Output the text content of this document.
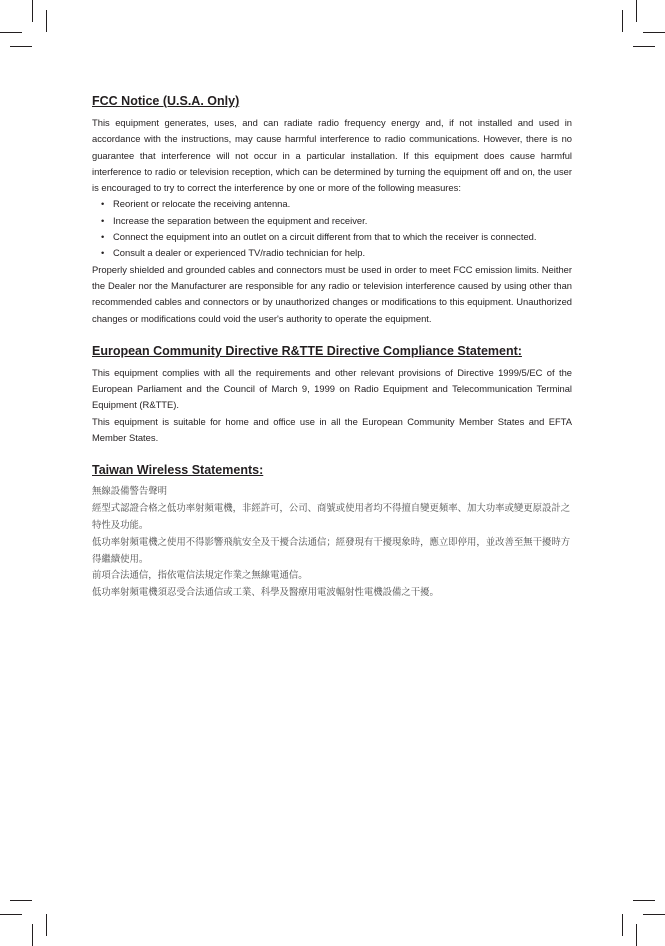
FCC Notice (U.S.A. Only)

This equipment generates, uses, and can radiate radio frequency energy and, if not installed and used in accordance with the instructions, may cause harmful interference to radio communications. However, there is no guarantee that interference will not occur in a particular installation. If this equipment does cause harmful interference to radio or television reception, which can be determined by turning the equipment off and on, the user is encouraged to try to correct the interference by one or more of the following measures:

• Reorient or relocate the receiving antenna.
• Increase the separation between the equipment and receiver.
• Connect the equipment into an outlet on a circuit different from that to which the receiver is connected.
• Consult a dealer or experienced TV/radio technician for help.

Properly shielded and grounded cables and connectors must be used in order to meet FCC emission limits. Neither the Dealer nor the Manufacturer are responsible for any radio or television interference caused by using other than recommended cables and connectors or by unauthorized changes or modifications to this equipment. Unauthorized changes or modifications could void the user's authority to operate the equipment.

European Community Directive R&TTE Directive Compliance Statement:

This equipment complies with all the requirements and other relevant provisions of Directive 1999/5/EC of the European Parliament and the Council of March 9, 1999 on Radio Equipment and Telecommunication Terminal Equipment (R&TTE).

This equipment is suitable for home and office use in all the European Community Member States and EFTA Member States.

Taiwan Wireless Statements:

無線設備警告聲明

經型式認證合格之低功率射頻電機，非經許可，公司、商號或使用者均不得擅自變更頻率、加大功率或變更原設計之特性及功能。

低功率射頻電機之使用不得影響飛航安全及干擾合法通信；經發現有干擾現象時，應立即停用，並改善至無干擾時方得繼續使用。

前項合法通信，指依電信法規定作業之無線電通信。

低功率射頻電機須忍受合法通信或工業、科學及醫療用電波輻射性電機設備之干擾。
